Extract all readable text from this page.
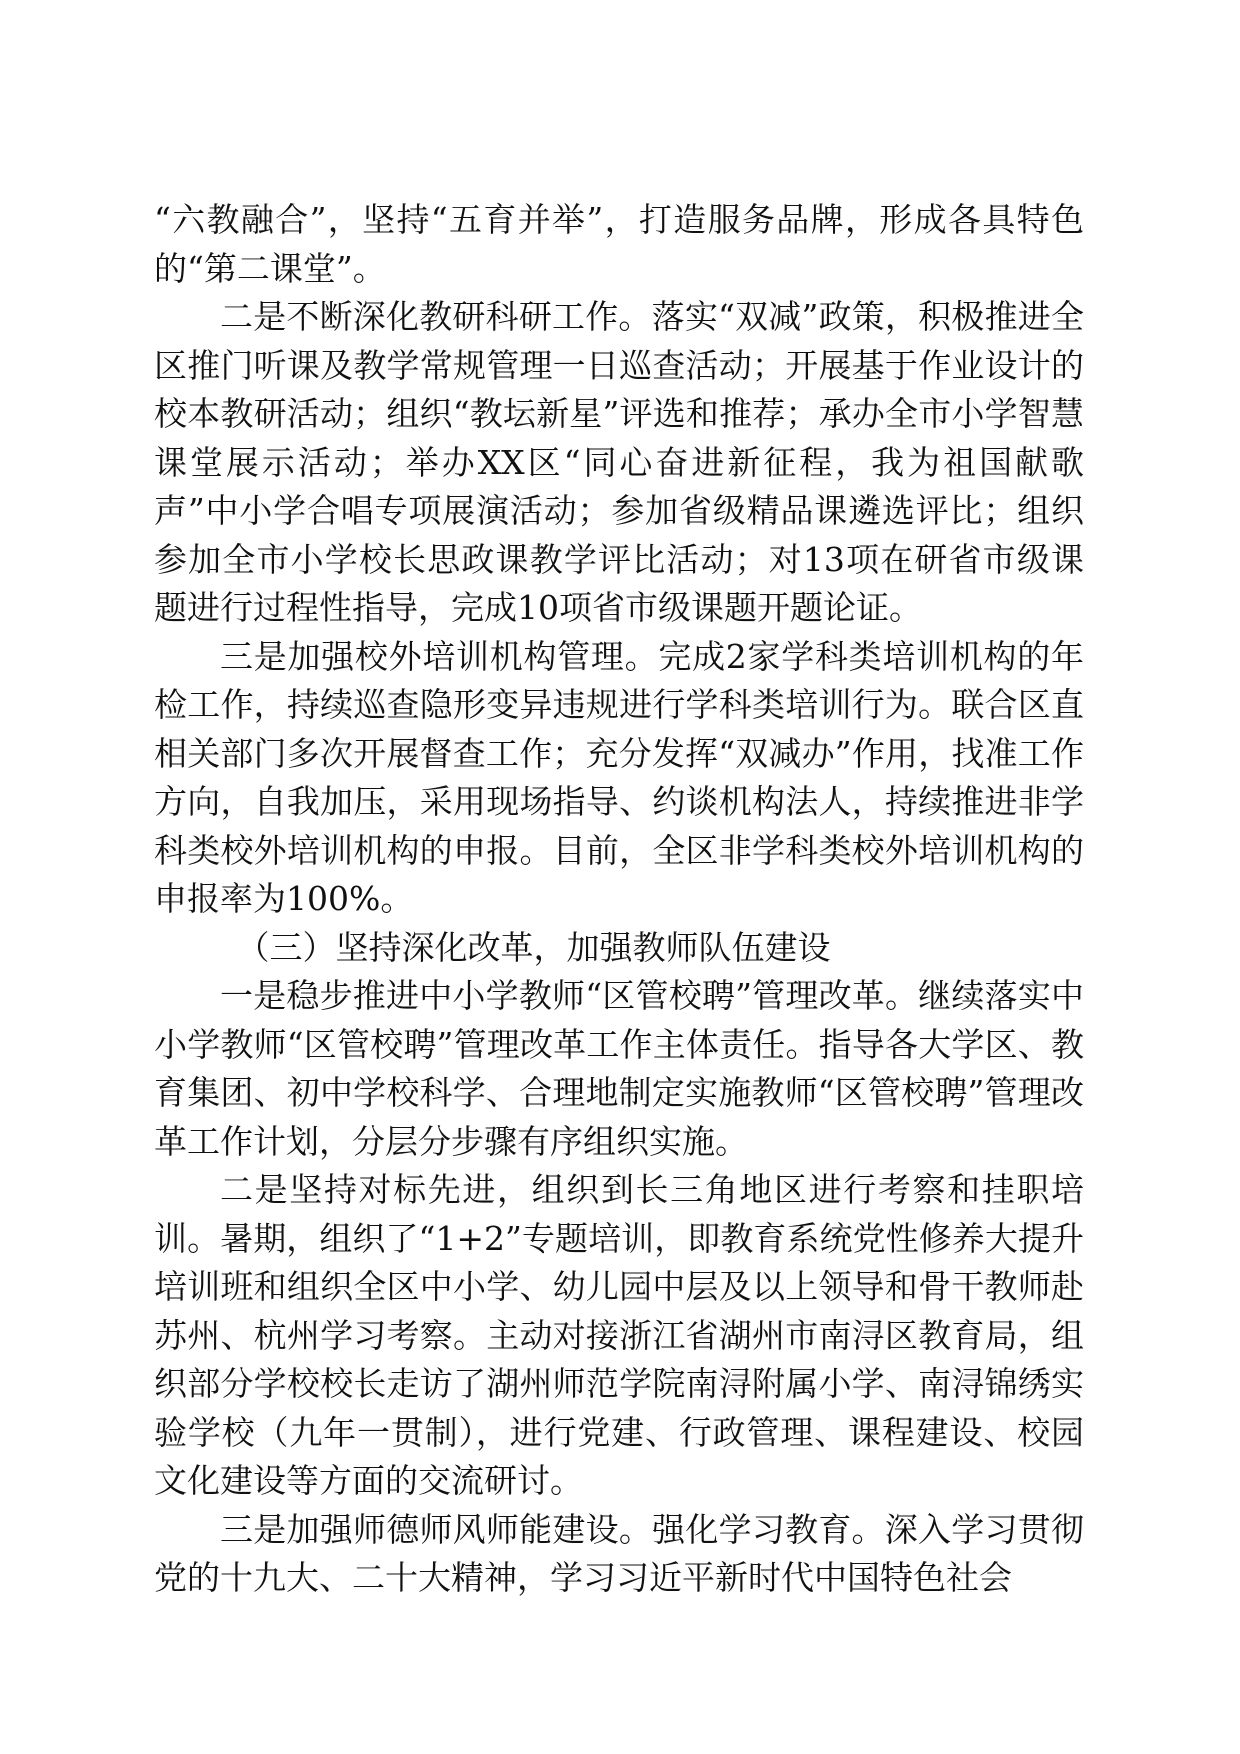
“六教融合”，坚持“五育并举”，打造服务品牌，形成各具特色的“第二课堂”。

二是不断深化教研科研工作。落实“双减”政策，积极推进全区推门听课及教学常规管理一日巡查活动；开展基于作业设计的校本教研活动；组织“教坛新星”评选和推荐；承办全市小学智慧课堂展示活动；举办XX区“同心奋进新征程，我为祖国献歌声”中小学合唱专项展演活动；参加省级精品课遴选评比；组织参加全市小学校长思政课教学评比活动；对13项在研省市级课题进行过程性指导，完成10项省市级课题开题论证。

三是加强校外培训机构管理。完成2家学科类培训机构的年检工作，持续巡查隐形变异违规进行学科类培训行为。联合区直相关部门多次开展督查工作；充分发挥“双减办”作用，找准工作方向，自我加压，采用现场指导、约谈机构法人，持续推进非学科类校外培训机构的申报。目前，全区非学科类校外培训机构的申报率为100%。

（三）坚持深化改革，加强教师队伍建设

一是稳步推进中小学教师“区管校聘”管理改革。继续落实中小学教师“区管校聘”管理改革工作主体责任。指导各大学区、教育集团、初中学校科学、合理地制定实施教师“区管校聘”管理改革工作计划，分层分步骤有序组织实施。

二是坚持对标先进，组织到长三角地区进行考察和挂职培训。暑期，组织了“1+2”专题培训，即教育系统党性修养大提升培训班和组织全区中小学、幼儿园中层及以上领导和骨干教师赴苏州、杭州学习考察。主动对接浙江省湖州市南浔区教育局，组织部分学校校长走访了湖州师范学院南浔附属小学、南浔锦绣实验学校（九年一贯制），进行党建、行政管理、课程建设、校园文化建设等方面的交流研讨。

三是加强师德师风师能建设。强化学习教育。深入学习贯彻党的十九大、二十大精神，学习习近平新时代中国特色社会
